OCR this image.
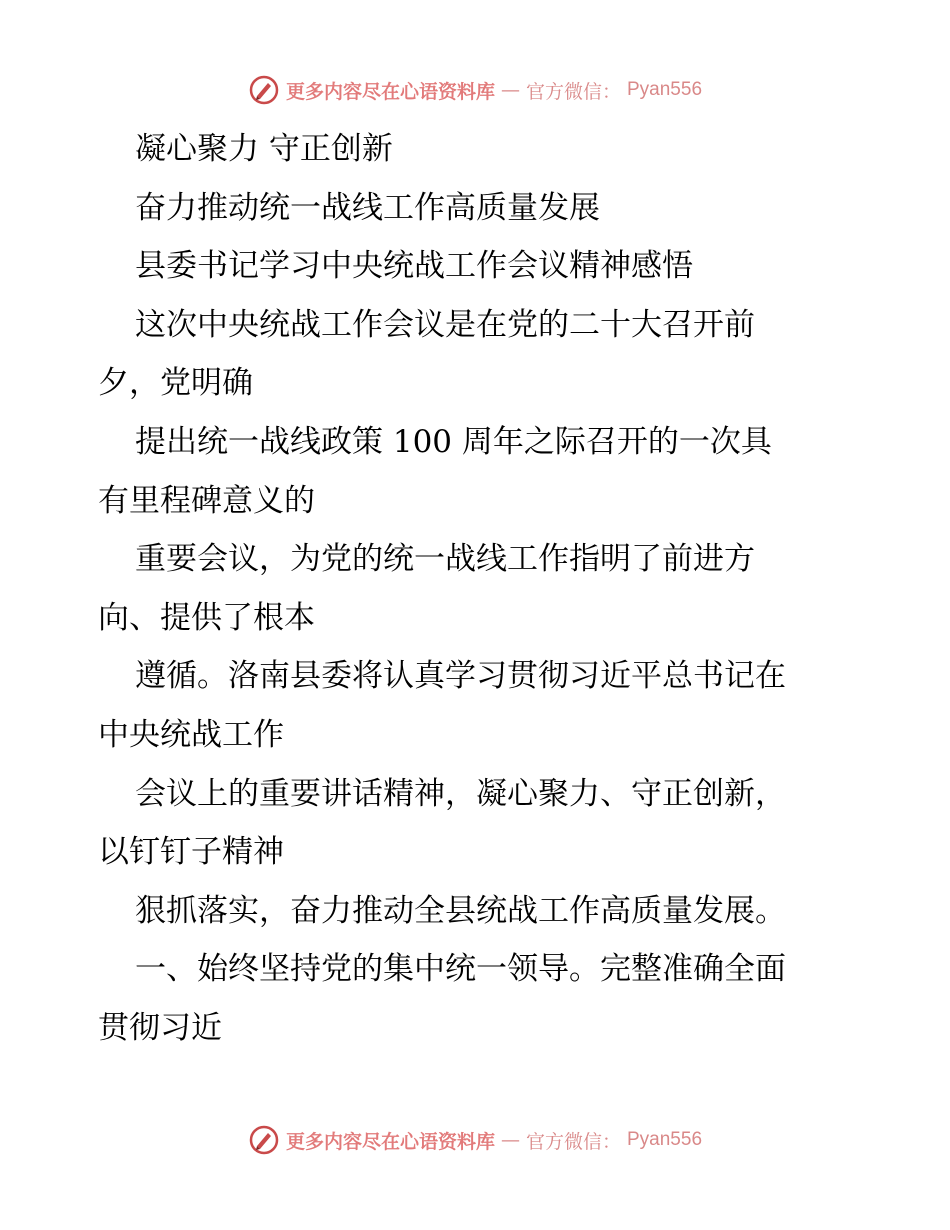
更多内容尽在心语资料库 — 官方微信： Pyan556
凝心聚力 守正创新
奋力推动统一战线工作高质量发展
县委书记学习中央统战工作会议精神感悟
这次中央统战工作会议是在党的二十大召开前
夕，党明确
提出统一战线政策 100 周年之际召开的一次具
有里程碑意义的
重要会议，为党的统一战线工作指明了前进方
向、提供了根本
遵循。洛南县委将认真学习贯彻习近平总书记在
中央统战工作
会议上的重要讲话精神，凝心聚力、守正创新，
以钉钉子精神
狠抓落实，奋力推动全县统战工作高质量发展。
一、始终坚持党的集中统一领导。完整准确全面
贯彻习近
更多内容尽在心语资料库 — 官方微信： Pyan556
